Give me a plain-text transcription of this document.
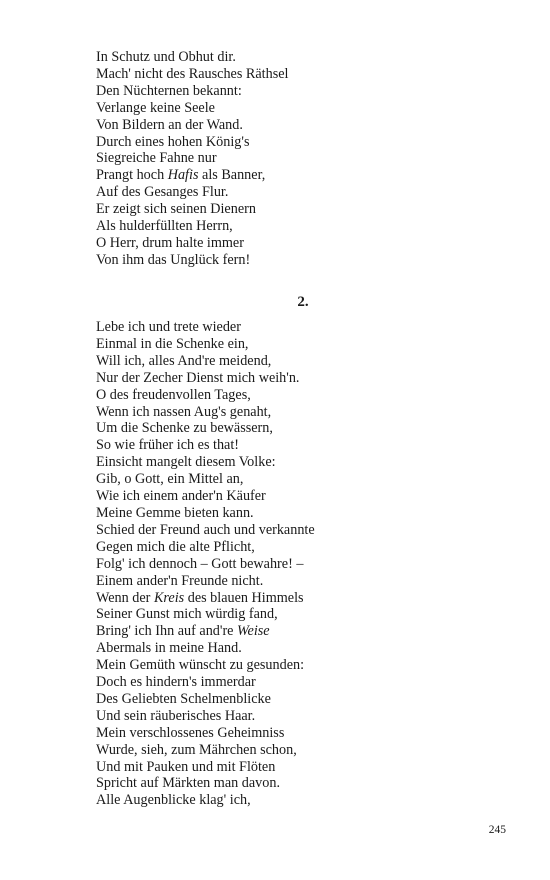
In Schutz und Obhut dir.
Mach' nicht des Rausches Räthsel
Den Nüchternen bekannt:
Verlange keine Seele
Von Bildern an der Wand.
Durch eines hohen König's
Siegreiche Fahne nur
Prangt hoch Hafis als Banner,
Auf des Gesanges Flur.
Er zeigt sich seinen Dienern
Als hulderfüllten Herrn,
O Herr, drum halte immer
Von ihm das Unglück fern!
2.
Lebe ich und trete wieder
Einmal in die Schenke ein,
Will ich, alles And're meidend,
Nur der Zecher Dienst mich weih'n.
O des freudenvollen Tages,
Wenn ich nassen Aug's genaht,
Um die Schenke zu bewässern,
So wie früher ich es that!
Einsicht mangelt diesem Volke:
Gib, o Gott, ein Mittel an,
Wie ich einem ander'n Käufer
Meine Gemme bieten kann.
Schied der Freund auch und verkannte
Gegen mich die alte Pflicht,
Folg' ich dennoch – Gott bewahre! –
Einem ander'n Freunde nicht.
Wenn der Kreis des blauen Himmels
Seiner Gunst mich würdig fand,
Bring' ich Ihn auf and're Weise
Abermals in meine Hand.
Mein Gemüth wünscht zu gesunden:
Doch es hindern's immerdar
Des Geliebten Schelmenblicke
Und sein räuberisches Haar.
Mein verschlossenes Geheimniss
Wurde, sieh, zum Mährchen schon,
Und mit Pauken und mit Flöten
Spricht auf Märkten man davon.
Alle Augenblicke klag' ich,
245
